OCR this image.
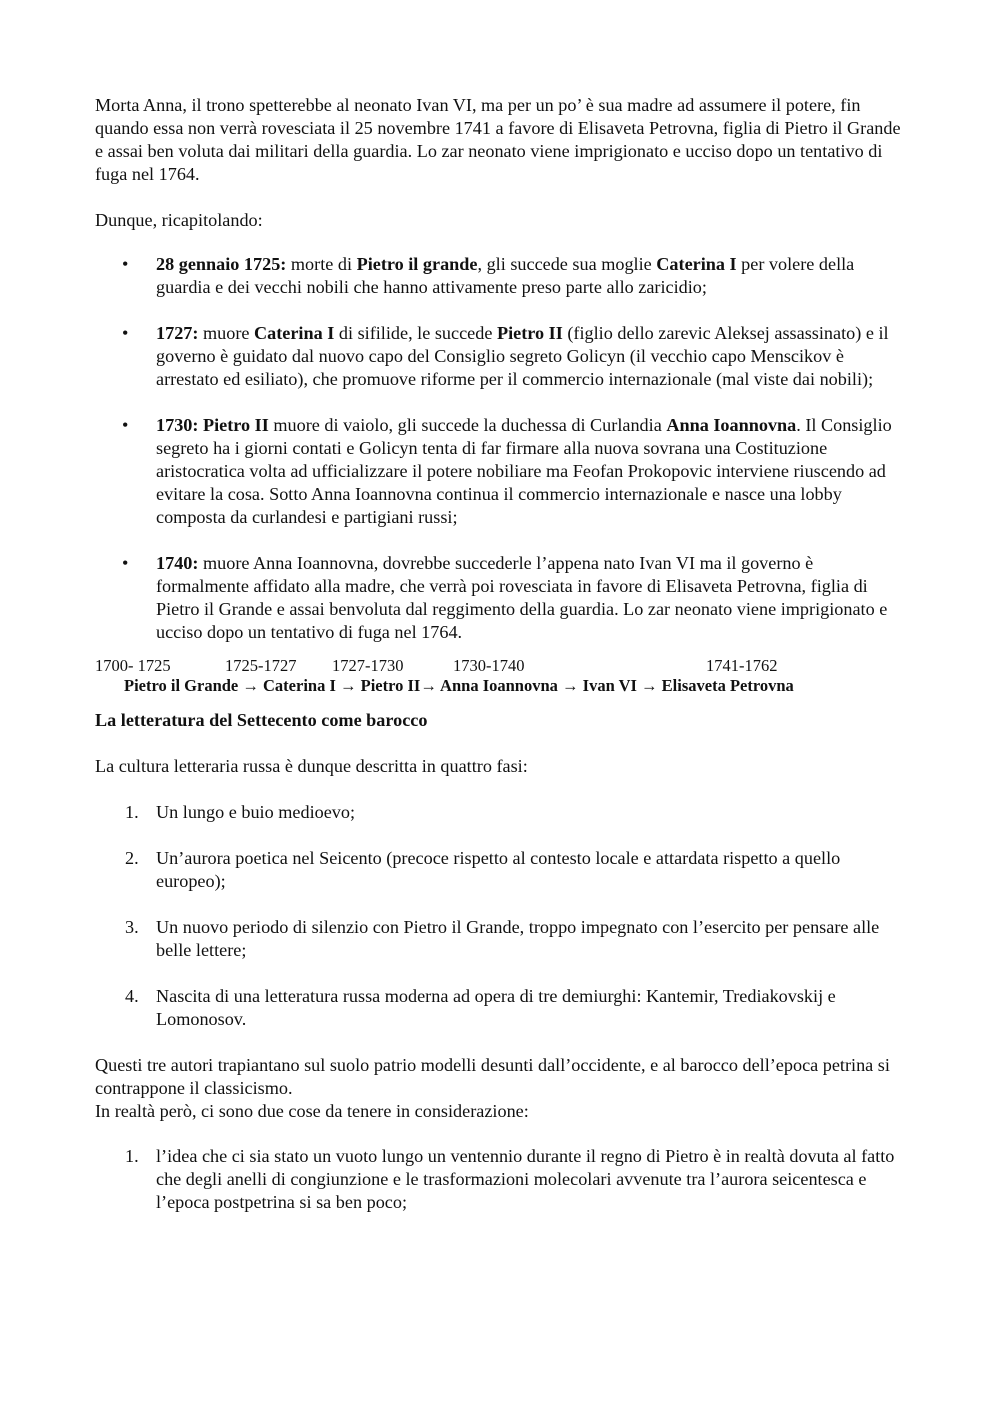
Morta Anna, il trono spetterebbe al neonato Ivan VI, ma per un po’ è sua madre ad assumere il potere, fin quando essa non verrà rovesciata il 25 novembre 1741 a favore di Elisaveta Petrovna, figlia di Pietro il Grande e assai ben voluta dai militari della guardia. Lo zar neonato viene imprigionato e ucciso dopo un tentativo di fuga nel 1764.

Dunque, ricapitolando:

• 28 gennaio 1725: morte di Pietro il grande, gli succede sua moglie Caterina I per volere della guardia e dei vecchi nobili che hanno attivamente preso parte allo zaricidio;
• 1727: muore Caterina I di sifilide, le succede Pietro II (figlio dello zarevic Aleksej assassinato) e il governo è guidato dal nuovo capo del Consiglio segreto Golicyn (il vecchio capo Menscikov è arrestato ed esiliato), che promuove riforme per il commercio internazionale (mal viste dai nobili);
• 1730: Pietro II muore di vaiolo, gli succede la duchessa di Curlandia Anna Ioannovna. Il Consiglio segreto ha i giorni contati e Golicyn tenta di far firmare alla nuova sovrana una Costituzione aristocratica volta ad ufficializzare il potere nobiliare ma Feofan Prokopovic interviene riuscendo ad evitare la cosa. Sotto Anna Ioannovna continua il commercio internazionale e nasce una lobby composta da curlandesi e partigiani russi;
• 1740: muore Anna Ioannovna, dovrebbe succederle l’appena nato Ivan VI ma il governo è formalmente affidato alla madre, che verrà poi rovesciata in favore di Elisaveta Petrovna, figlia di Pietro il Grande e assai benvoluta dal reggimento della guardia. Lo zar neonato viene imprigionato e ucciso dopo un tentativo di fuga nel 1764.
1700- 1725	1725-1727 1727-1730	1730-1740	1741-1762
Pietro il Grande → Caterina I → Pietro II→ Anna Ioannovna → Ivan VI → Elisaveta Petrovna
La letteratura del Settecento come barocco

La cultura letteraria russa è dunque descritta in quattro fasi:

1. Un lungo e buio medioevo;
2. Un’aurora poetica nel Seicento (precoce rispetto al contesto locale e attardata rispetto a quello europeo);
3. Un nuovo periodo di silenzio con Pietro il Grande, troppo impegnato con l’esercito per pensare alle belle lettere;
4. Nascita di una letteratura russa moderna ad opera di tre demiurghi: Kantemir, Trediakovskij e Lomonosov.

Questi tre autori trapiantano sul suolo patrio modelli desunti dall’occidente, e al barocco dell’epoca petrina si contrappone il classicismo.

In realtà però, ci sono due cose da tenere in considerazione:

1. l’idea che ci sia stato un vuoto lungo un ventennio durante il regno di Pietro è in realtà dovuta al fatto che degli anelli di congiunzione e le trasformazioni molecolari avvenute tra l’aurora seicentesca e l’epoca postpetrina si sa ben poco;
